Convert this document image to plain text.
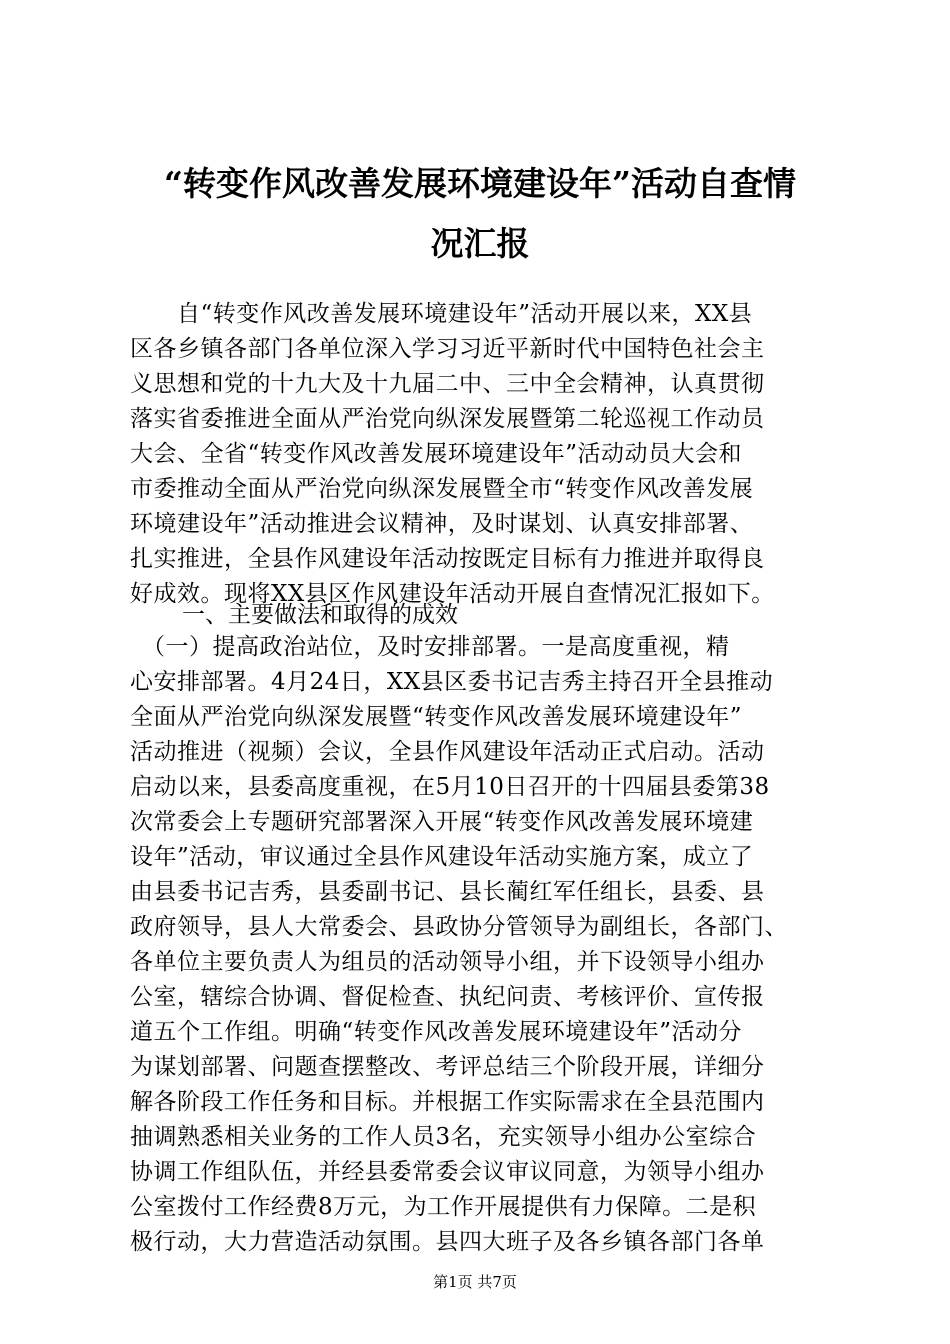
“转变作风改善发展环境建设年”活动自查情
况汇报
　　自“转变作风改善发展环境建设年”活动开展以来，XX县
区各乡镇各部门各单位深入学习习近平新时代中国特色社会主
义思想和党的十九大及十九届二中、三中全会精神，认真贯彻
落实省委推进全面从严治党向纵深发展暨第二轮巡视工作动员
大会、全省“转变作风改善发展环境建设年”活动动员大会和
市委推动全面从严治党向纵深发展暨全市“转变作风改善发展
环境建设年”活动推进会议精神，及时谋划、认真安排部署、
扎实推进，全县作风建设年活动按既定目标有力推进并取得良
好成效。现将XX县区作风建设年活动开展自查情况汇报如下。
一、主要做法和取得的成效
　（一）提高政治站位，及时安排部署。一是高度重视，精
心安排部署。4月24日，XX县区委书记吉秀主持召开全县推动
全面从严治党向纵深发展暨“转变作风改善发展环境建设年”
活动推进（视频）会议，全县作风建设年活动正式启动。活动
启动以来，县委高度重视，在5月10日召开的十四届县委第38
次常委会上专题研究部署深入开展“转变作风改善发展环境建
设年”活动，审议通过全县作风建设年活动实施方案，成立了
由县委书记吉秀，县委副书记、县长蔺红军任组长，县委、县
政府领导，县人大常委会、县政协分管领导为副组长，各部门、
各单位主要负责人为组员的活动领导小组，并下设领导小组办
公室，辖综合协调、督促检查、执纪问责、考核评价、宣传报
道五个工作组。明确“转变作风改善发展环境建设年”活动分
为谋划部署、问题查摆整改、考评总结三个阶段开展，详细分
解各阶段工作任务和目标。并根据工作实际需求在全县范围内
抽调熟悉相关业务的工作人员3名，充实领导小组办公室综合
协调工作组队伍，并经县委常委会议审议同意，为领导小组办
公室拨付工作经费8万元，为工作开展提供有力保障。二是积
极行动，大力营造活动氛围。县四大班子及各乡镇各部门各单
第1页 共7页
